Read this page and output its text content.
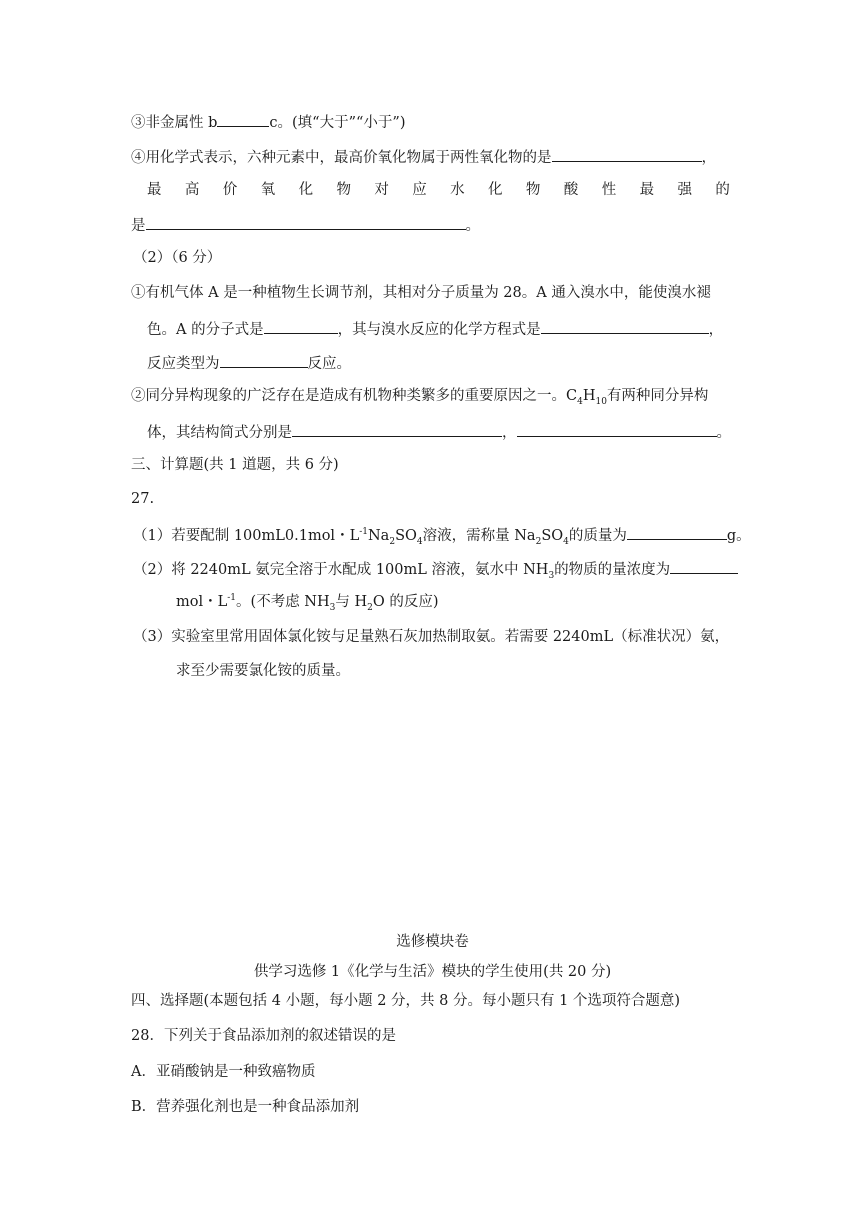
③非金属性 b	c。(填“大于”“小于”)
④用化学式表示，六种元素中，最高价氧化物属于两性氧化物的是	，
最 高 价 氧 化 物 对 应 水 化 物 酸 性 最 强 的
是	。
（2）（6 分）
①有机气体 A 是一种植物生长调节剂，其相对分子质量为 28。A 通入溴水中，能使溴水褪
色。A 的分子式是	，其与溴水反应的化学方程式是	，
反应类型为	反应。
②同分异构现象的广泛存在是造成有机物种类繁多的重要原因之一。$C_4H_{10}$有两种同分异构
体，其结构简式分别是	，	。
三、计算题(共 1 道题，共 6 分)
27.
（1）若要配制 100mL0.1mol・$L^{-1}Na_2SO_4$溶液，需称量 $Na_2SO_4$的质量为	g。
（2）将 2240mL 氨完全溶于水配成 100mL 溶液，氨水中 $NH_3$的物质的量浓度为
mol・$L^{-1}$。(不考虑 $NH_3$与 $H_2O$ 的反应)
（3）实验室里常用固体氯化铵与足量熟石灰加热制取氨。若需要 2240mL（标准状况）氨，
求至少需要氯化铵的质量。
选修模块卷
供学习选修 1《化学与生活》模块的学生使用(共 20 分)
四、选择题(本题包括 4 小题，每小题 2 分，共 8 分。每小题只有 1 个选项符合题意)
28．下列关于食品添加剂的叙述错误的是
A．亚硝酸钠是一种致癌物质
B．营养强化剂也是一种食品添加剂
